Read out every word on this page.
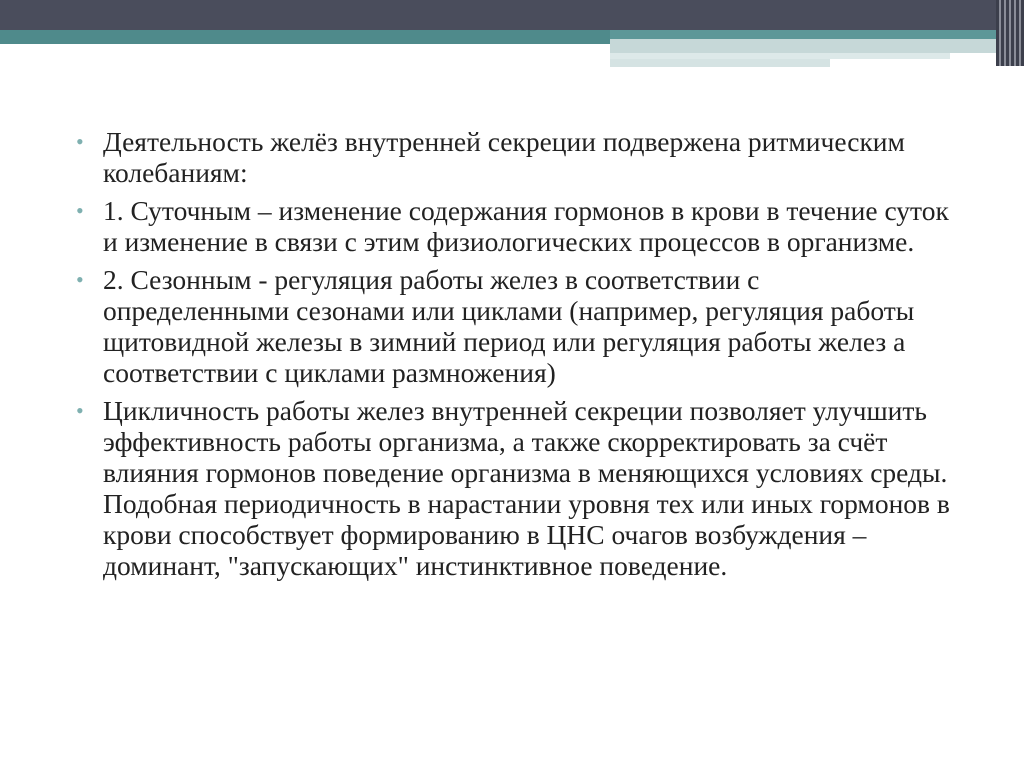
• Деятельность желёз внутренней секреции подвержена ритмическим колебаниям:
• 1. Суточным – изменение содержания гормонов в крови в течение суток и изменение в связи с этим физиологических процессов в организме.
• 2. Сезонным - регуляция работы желез в соответствии с определенными сезонами или циклами (например, регуляция работы щитовидной железы в зимний период или регуляция работы желез а соответствии с циклами размножения)
• Цикличность работы желез внутренней секреции позволяет улучшить эффективность работы организма, а также скорректировать за счёт влияния гормонов поведение организма в меняющихся условиях среды. Подобная периодичность в нарастании уровня тех или иных гормонов в крови способствует формированию в ЦНС очагов возбуждения – доминант, "запускающих" инстинктивное поведение.
